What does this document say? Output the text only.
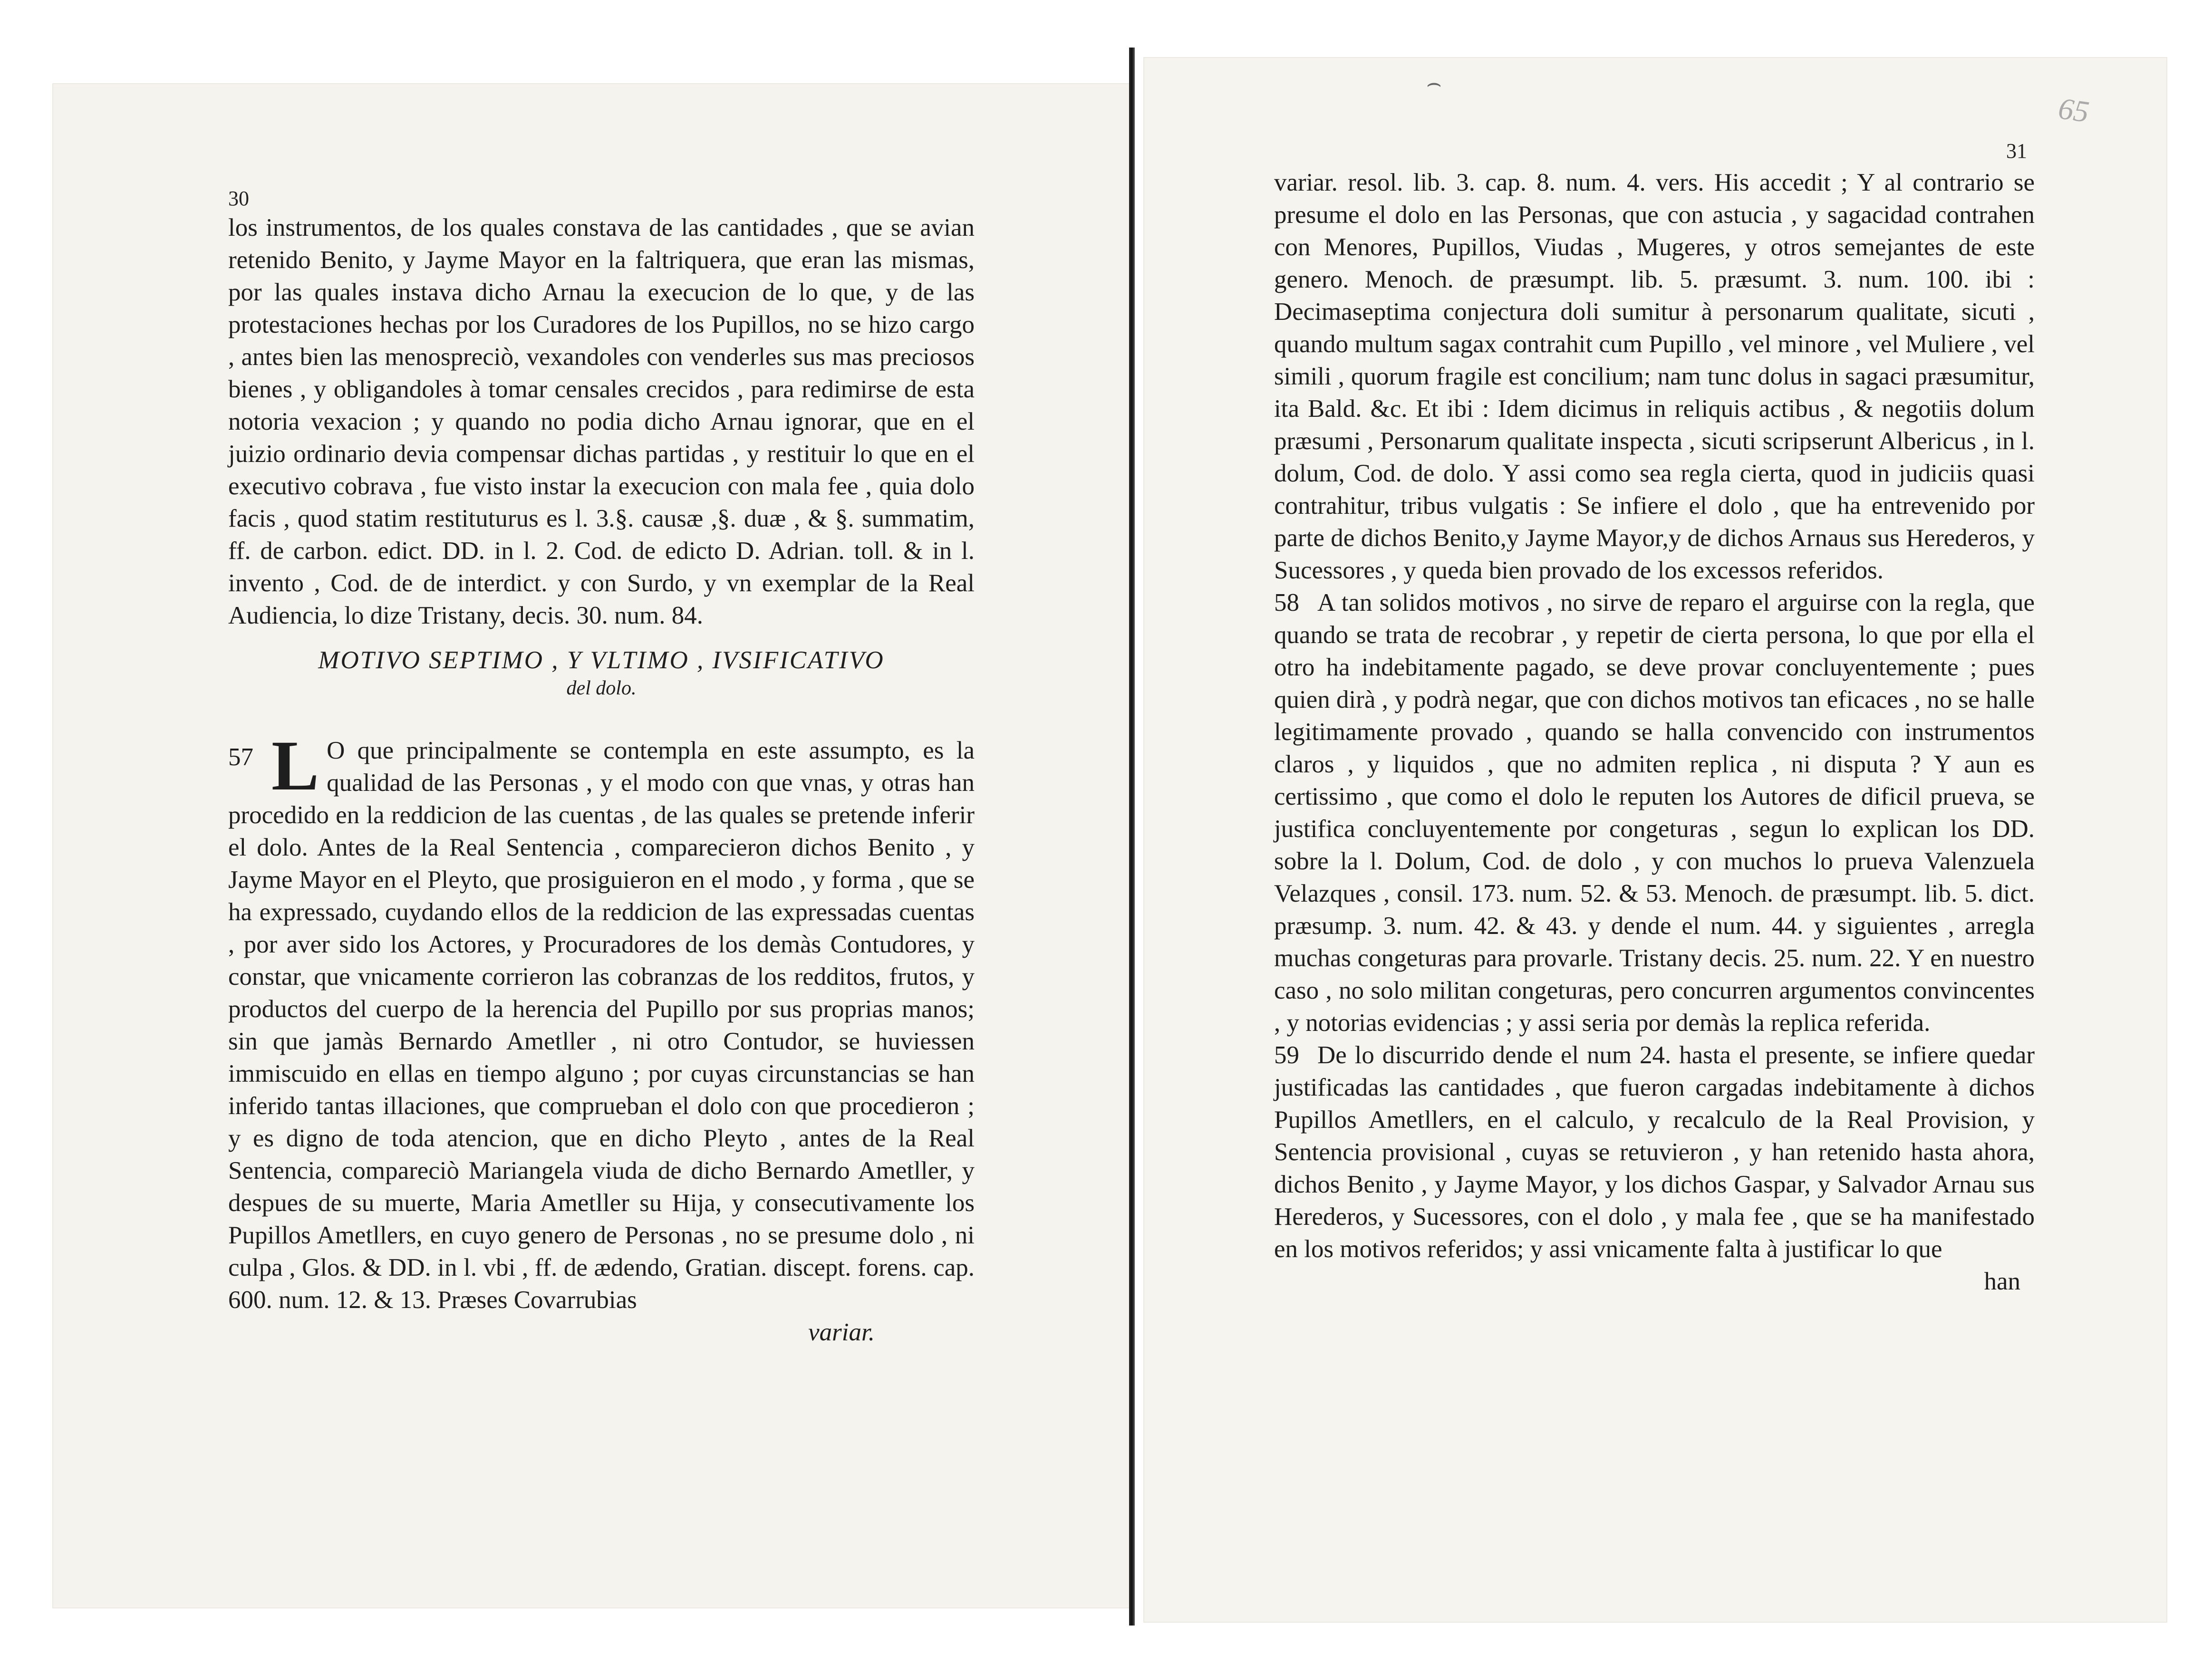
30
31
⌢
65

los instrumentos, de los quales constava de las cantidades , que se avian retenido Benito, y Jayme Mayor en la faltriquera, que eran las mismas, por las quales instava dicho Arnau la execucion de lo que, y de las protestaciones hechas por los Curadores de los Pupillos, no se hizo cargo , antes bien las menospreciò, vexandoles con venderles sus mas preciosos bienes , y obligandoles à tomar censales crecidos , para redimirse de esta notoria vexacion ; y quando no podia dicho Arnau ignorar, que en el juizio ordinario devia compensar dichas partidas , y restituir lo que en el executivo cobrava , fue visto instar la execucion con mala fee , quia dolo facis , quod statim restituturus es l. 3.§. causæ ,§. duæ , & §. summatim, ff. de carbon. edict. DD. in l. 2. Cod. de edicto D. Adrian. toll. & in l. invento , Cod. de de interdict. y con Surdo, y vn exemplar de la Real Audiencia, lo dize Tristany, decis. 30. num. 84.

MOTIVO SEPTIMO , Y VLTIMO , IVSIFICATIVO
del dolo.

57 L O que principalmente se contempla en este assumpto, es la qualidad de las Personas , y el modo con que vnas, y otras han procedido en la reddicion de las cuentas , de las quales se pretende inferir el dolo. Antes de la Real Sentencia , comparecieron dichos Benito , y Jayme Mayor en el Pleyto, que prosiguieron en el modo , y forma , que se ha expressado, cuydando ellos de la reddicion de las expressadas cuentas , por aver sido los Actores, y Procuradores de los demàs Contudores, y constar, que vnicamente corrieron las cobranzas de los redditos, frutos, y productos del cuerpo de la herencia del Pupillo por sus proprias manos; sin que jamàs Bernardo Ametller , ni otro Contudor, se huviessen immiscuido en ellas en tiempo alguno ; por cuyas circunstancias se han inferido tantas illaciones, que comprueban el dolo con que procedieron ; y es digno de toda atencion, que en dicho Pleyto , antes de la Real Sentencia, compareciò Mariangela viuda de dicho Bernardo Ametller, y despues de su muerte, Maria Ametller su Hija, y consecutivamente los Pupillos Ametllers, en cuyo genero de Personas , no se presume dolo , ni culpa , Glos. & DD. in l. vbi , ff. de ædendo, Gratian. discept. forens. cap. 600. num. 12. & 13. Præses Covarrubias

variar.

variar. resol. lib. 3. cap. 8. num. 4. vers. His accedit ; Y al contrario se presume el dolo en las Personas, que con astucia , y sagacidad contrahen con Menores, Pupillos, Viudas , Mugeres, y otros semejantes de este genero. Menoch. de præsumpt. lib. 5. præsumt. 3. num. 100. ibi : Decimaseptima conjectura doli sumitur à personarum qualitate, sicuti , quando multum sagax contrahit cum Pupillo , vel minore , vel Muliere , vel simili , quorum fragile est concilium; nam tunc dolus in sagaci præsumitur, ita Bald. &c. Et ibi : Idem dicimus in reliquis actibus , & negotiis dolum præsumi , Personarum qualitate inspecta , sicuti scripserunt Albericus , in l. dolum, Cod. de dolo. Y assi como sea regla cierta, quod in judiciis quasi contrahitur, tribus vulgatis : Se infiere el dolo , que ha entrevenido por parte de dichos Benito,y Jayme Mayor,y de dichos Arnaus sus Herederos, y Sucessores , y queda bien provado de los excessos referidos.

58 A tan solidos motivos , no sirve de reparo el arguirse con la regla, que quando se trata de recobrar , y repetir de cierta persona, lo que por ella el otro ha indebitamente pagado, se deve provar concluyentemente ; pues quien dirà , y podrà negar, que con dichos motivos tan eficaces , no se halle legitimamente provado , quando se halla convencido con instrumentos claros , y liquidos , que no admiten replica , ni disputa ? Y aun es certissimo , que como el dolo le reputen los Autores de dificil prueva, se justifica concluyentemente por congeturas , segun lo explican los DD. sobre la l. Dolum, Cod. de dolo , y con muchos lo prueva Valenzuela Velazques , consil. 173. num. 52. & 53. Menoch. de præsumpt. lib. 5. dict. præsump. 3. num. 42. & 43. y dende el num. 44. y siguientes , arregla muchas congeturas para provarle. Tristany decis. 25. num. 22. Y en nuestro caso , no solo militan congeturas, pero concurren argumentos convincentes , y notorias evidencias ; y assi seria por demàs la replica referida.

59 De lo discurrido dende el num 24. hasta el presente, se infiere quedar justificadas las cantidades , que fueron cargadas indebitamente à dichos Pupillos Ametllers, en el calculo, y recalculo de la Real Provision, y Sentencia provisional , cuyas se retuvieron , y han retenido hasta ahora, dichos Benito , y Jayme Mayor, y los dichos Gaspar, y Salvador Arnau sus Herederos, y Sucessores, con el dolo , y mala fee , que se ha manifestado en los motivos referidos; y assi vnicamente falta à justificar lo que

han
